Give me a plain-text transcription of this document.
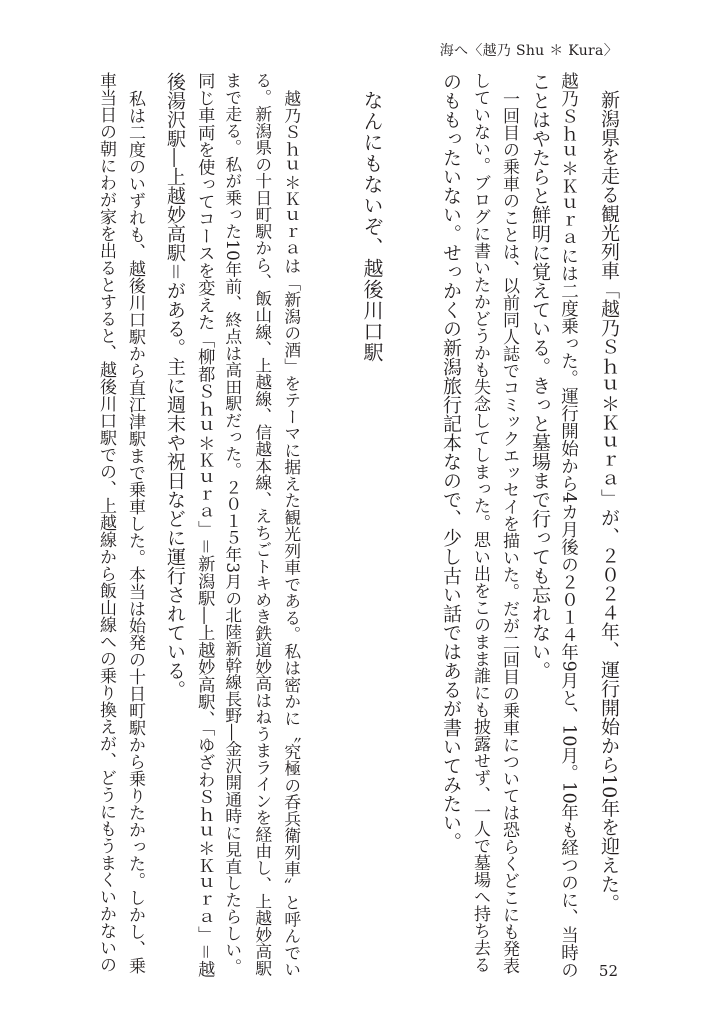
海へ〈越乃 Shu ＊ Kura〉
新潟県を走る観光列車「越乃Ｓｈｕ＊Ｋｕｒａ」が、２０２４年、運行開始から10年を迎えた。
越乃Ｓｈｕ＊Ｋｕｒａには二度乗った。運行開始から4カ月後の２０１４年9月と、10月。10年も経つのに、当時の
ことはやたらと鮮明に覚えている。きっと墓場まで行っても忘れない。
一回目の乗車のことは、以前同人誌でコミックエッセイを描いた。だが二回目の乗車については恐らくどこにも発表
していない。ブログに書いたかどうかも失念してしまった。思い出をこのまま誰にも披露せず、一人で墓場へ持ち去る
のももったいない。せっかくの新潟旅行記本なので、少し古い話ではあるが書いてみたい。
なんにもないぞ、越後川口駅
越乃Ｓｈｕ＊Ｋｕｒａは「新潟の酒」をテーマに据えた観光列車である。私は密かに〝究極の呑兵衛列車〟と呼んでい
る。新潟県の十日町駅から、飯山線、上越線、信越本線、えちごトキめき鉄道妙高はねうまラインを経由し、上越妙高駅
まで走る。私が乗った10年前、終点は高田駅だった。２０１５年3月の北陸新幹線長野―金沢開通時に見直したらしい。
同じ車両を使ってコースを変えた「柳都Ｓｈｕ＊Ｋｕｒａ」＝新潟駅―上越妙高駅、「ゆざわＳｈｕ＊Ｋｕｒａ」＝越
後湯沢駅―上越妙高駅＝がある。主に週末や祝日などに運行されている。
私は二度のいずれも、越後川口駅から直江津駅まで乗車した。本当は始発の十日町駅から乗りたかった。しかし、乗
車当日の朝にわが家を出るとすると、越後川口駅での、上越線から飯山線への乗り換えが、どうにもうまくいかないの	52
